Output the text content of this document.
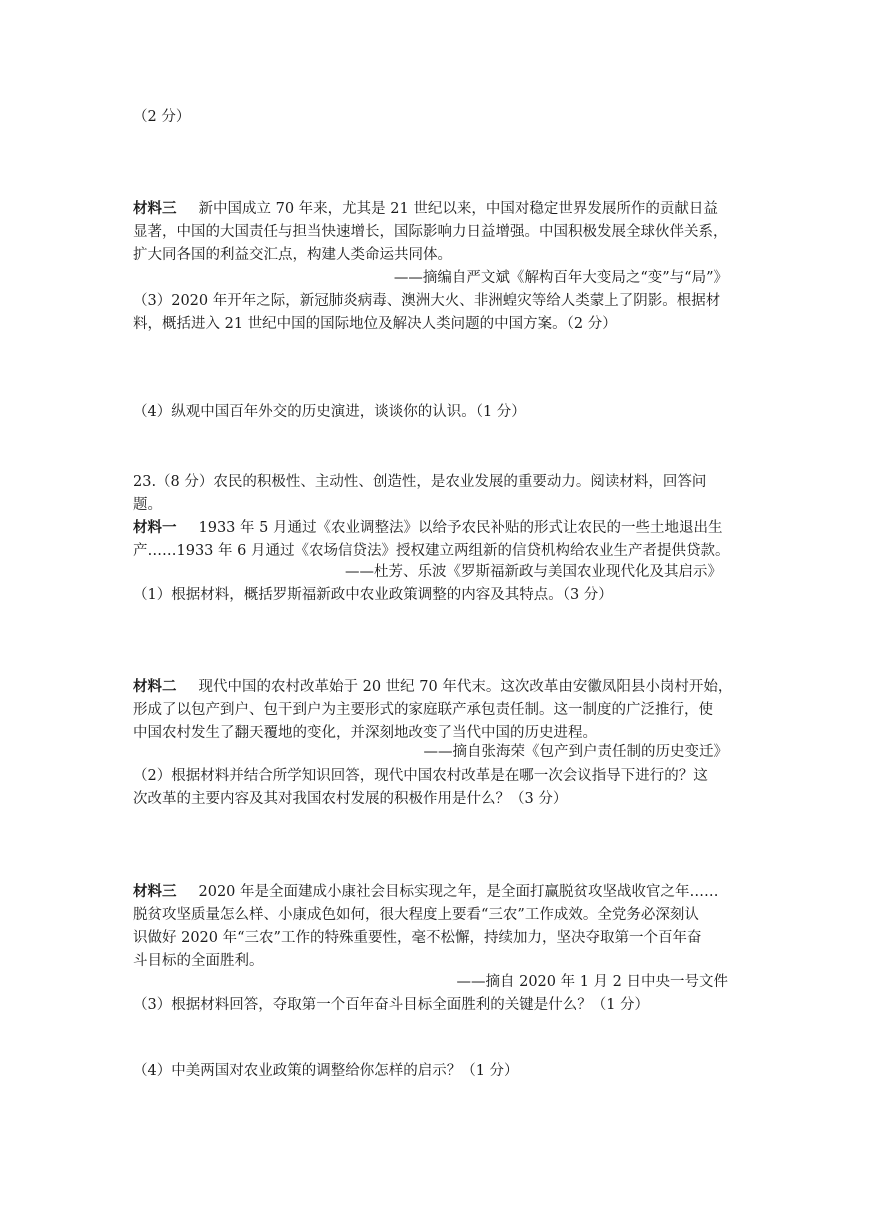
（2 分）
材料三 新中国成立 70 年来，尤其是 21 世纪以来，中国对稳定世界发展所作的贡献日益
显著，中国的大国责任与担当快速增长，国际影响力日益增强。中国积极发展全球伙伴关系，
扩大同各国的利益交汇点，构建人类命运共同体。
——摘编自严文斌《解构百年大变局之“变”与“局”》
（3）2020 年开年之际，新冠肺炎病毒、澳洲大火、非洲蝗灾等给人类蒙上了阴影。根据材
料，概括进入 21 世纪中国的国际地位及解决人类问题的中国方案。（2 分）
（4）纵观中国百年外交的历史演进，谈谈你的认识。（1 分）
23.（8 分）农民的积极性、主动性、创造性，是农业发展的重要动力。阅读材料，回答问
题。
材料一 1933 年 5 月通过《农业调整法》以给予农民补贴的形式让农民的一些土地退出生
产……1933 年 6 月通过《农场信贷法》授权建立两组新的信贷机构给农业生产者提供贷款。
——杜芳、乐波《罗斯福新政与美国农业现代化及其启示》
（1）根据材料，概括罗斯福新政中农业政策调整的内容及其特点。（3 分）
材料二 现代中国的农村改革始于 20 世纪 70 年代末。这次改革由安徽凤阳县小岗村开始，
形成了以包产到户、包干到户为主要形式的家庭联产承包责任制。这一制度的广泛推行，使
中国农村发生了翻天覆地的变化，并深刻地改变了当代中国的历史进程。
——摘自张海荣《包产到户责任制的历史变迁》
（2）根据材料并结合所学知识回答，现代中国农村改革是在哪一次会议指导下进行的？这
次改革的主要内容及其对我国农村发展的积极作用是什么？（3 分）
材料三 2020 年是全面建成小康社会目标实现之年，是全面打赢脱贫攻坚战收官之年……
脱贫攻坚质量怎么样、小康成色如何，很大程度上要看“三农”工作成效。全党务必深刻认
识做好 2020 年“三农”工作的特殊重要性，毫不松懈，持续加力，坚决夺取第一个百年奋
斗目标的全面胜利。
——摘自 2020 年 1 月 2 日中央一号文件
（3）根据材料回答，夺取第一个百年奋斗目标全面胜利的关键是什么？（1 分）
（4）中美两国对农业政策的调整给你怎样的启示？（1 分）
